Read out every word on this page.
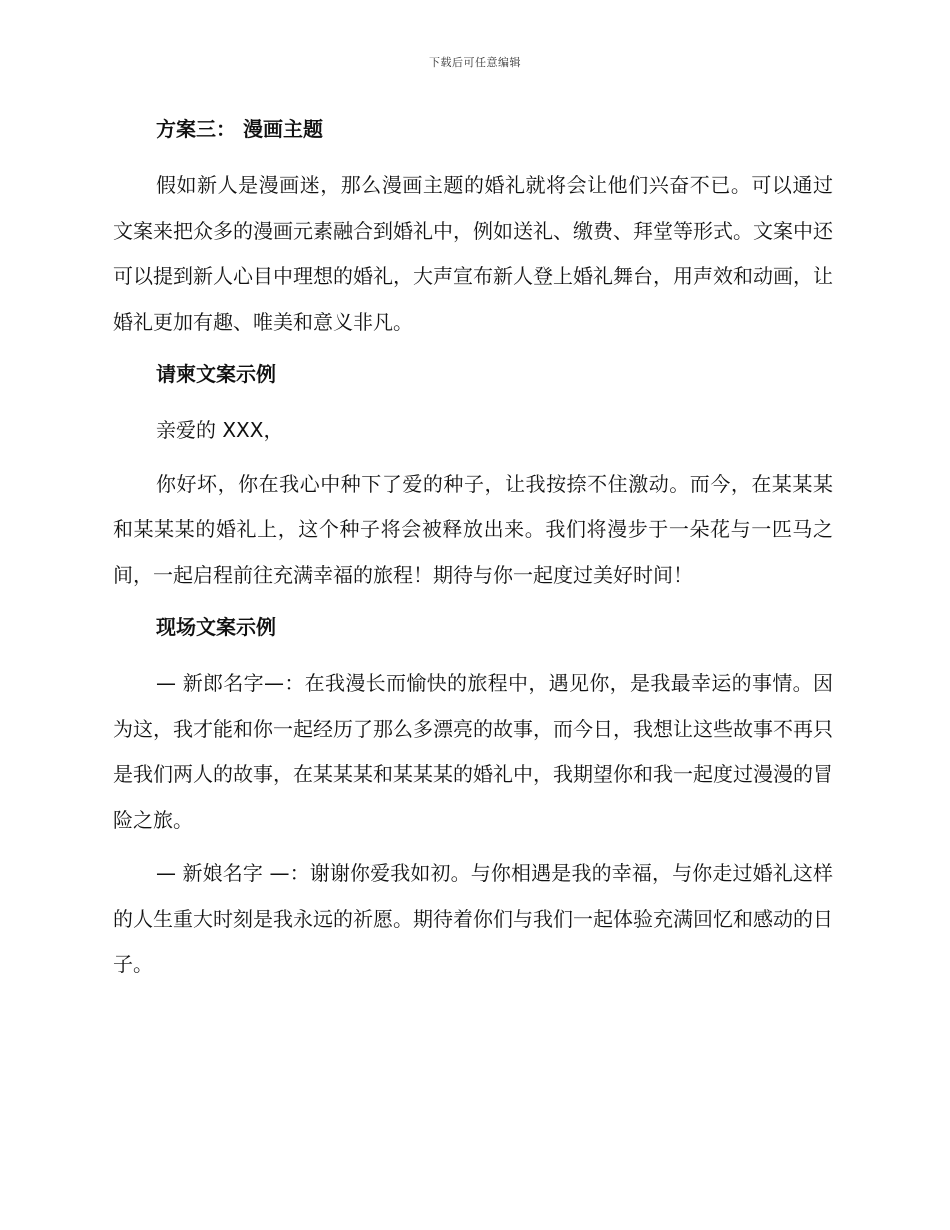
下载后可任意编辑

方案三： 漫画主题

假如新人是漫画迷，那么漫画主题的婚礼就将会让他们兴奋不已。可以通过文案来把众多的漫画元素融合到婚礼中，例如送礼、缴费、拜堂等形式。文案中还可以提到新人心目中理想的婚礼，大声宣布新人登上婚礼舞台，用声效和动画，让婚礼更加有趣、唯美和意义非凡。

请柬文案示例

亲爱的 XXX，

你好坏，你在我心中种下了爱的种子，让我按捺不住激动。而今，在某某某和某某某的婚礼上，这个种子将会被释放出来。我们将漫步于一朵花与一匹马之间，一起启程前往充满幸福的旅程！期待与你一起度过美好时间！

现场文案示例

— 新郎名字—：在我漫长而愉快的旅程中，遇见你，是我最幸运的事情。因为这，我才能和你一起经历了那么多漂亮的故事，而今日，我想让这些故事不再只是我们两人的故事，在某某某和某某某的婚礼中，我期望你和我一起度过漫漫的冒险之旅。

— 新娘名字 —：谢谢你爱我如初。与你相遇是我的幸福，与你走过婚礼这样的人生重大时刻是我永远的祈愿。期待着你们与我们一起体验充满回忆和感动的日子。
